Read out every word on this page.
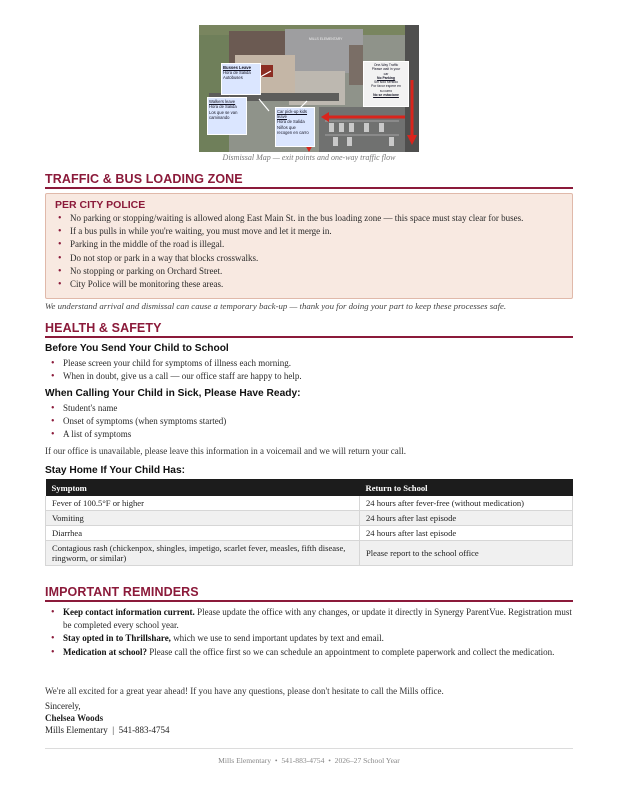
Busses Leave
Hora de Salida
Autobuses
Walkers leave
Hora de Salida
Los que se van
caminando
Car pick-up kids
leave
Hora de Salida
Niños que
recogen en carro
One-Way Traffic
Please wait in your
car
No Parking
Sin solo sentido
Por favor espere en
su carro
No se estacione
MILLS ELEMENTARY
Dismissal Map — exit points and one-way traffic flow
TRAFFIC & BUS LOADING ZONE
PER CITY POLICE
• No parking or stopping/waiting is allowed along East Main St. in the bus loading zone — this space must stay clear for buses.
• If a bus pulls in while you're waiting, you must move and let it merge in.
• Parking in the middle of the road is illegal.
• Do not stop or park in a way that blocks crosswalks.
• No stopping or parking on Orchard Street.
• City Police will be monitoring these areas.
We understand arrival and dismissal can cause a temporary back-up — thank you for doing your part to keep these processes safe.
HEALTH & SAFETY
Before You Send Your Child to School
• Please screen your child for symptoms of illness each morning.
• When in doubt, give us a call — our office staff are happy to help.
When Calling Your Child in Sick, Please Have Ready:
• Student's name
• Onset of symptoms (when symptoms started)
• A list of symptoms
If our office is unavailable, please leave this information in a voicemail and we will return your call.
Stay Home If Your Child Has:
Symptom	Return to School
Fever of 100.5°F or higher	24 hours after fever-free (without medication)
Vomiting	24 hours after last episode
Diarrhea	24 hours after last episode
Contagious rash (chickenpox, shingles, impetigo, scarlet fever, measles, fifth disease, ringworm, or similar)	Please report to the school office
IMPORTANT REMINDERS
• Keep contact information current. Please update the office with any changes, or update it directly in Synergy ParentVue. Registration must be completed every school year.
• Stay opted in to Thrillshare, which we use to send important updates by text and email.
• Medication at school? Please call the office first so we can schedule an appointment to complete paperwork and collect the medication.
We're all excited for a great year ahead! If you have any questions, please don't hesitate to call the Mills office.
Sincerely,
Chelsea Woods
Mills Elementary | 541-883-4754
Mills Elementary • 541-883-4754 • 2026–27 School Year
